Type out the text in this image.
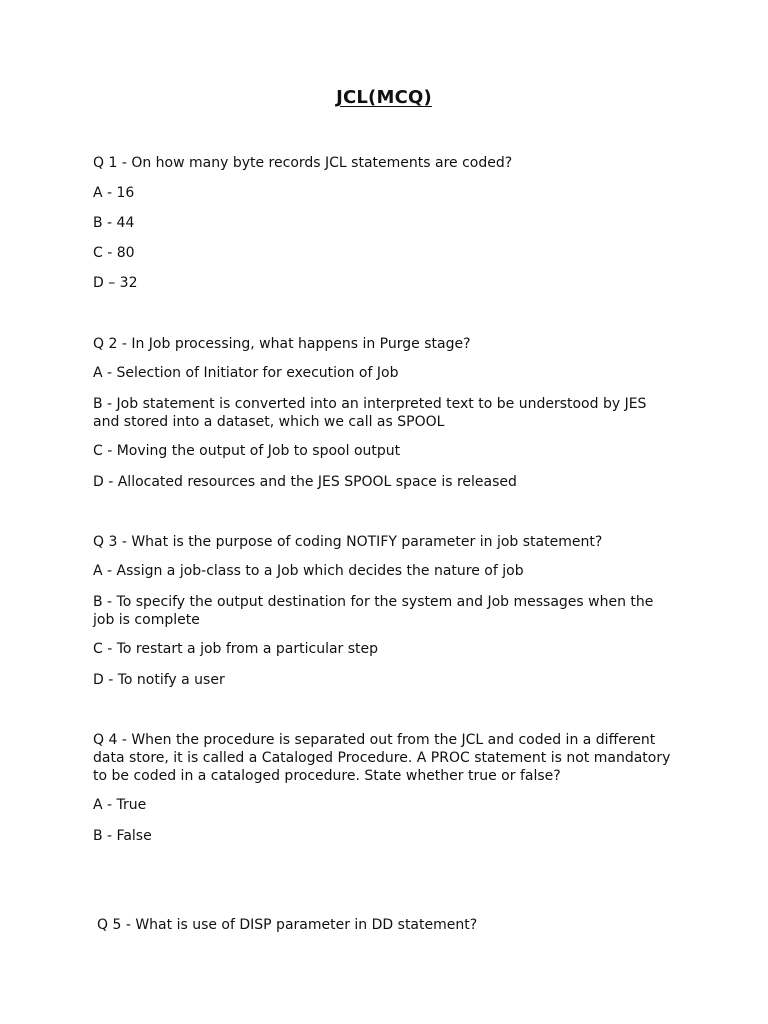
JCL(MCQ)
Q 1 - On how many byte records JCL statements are coded?
A - 16
B - 44
C - 80
D – 32
Q 2 - In Job processing, what happens in Purge stage?
A - Selection of Initiator for execution of Job
B - Job statement is converted into an interpreted text to be understood by JES and stored into a dataset, which we call as SPOOL
C - Moving the output of Job to spool output
D - Allocated resources and the JES SPOOL space is released
Q 3 - What is the purpose of coding NOTIFY parameter in job statement?
A - Assign a job-class to a Job which decides the nature of job
B - To specify the output destination for the system and Job messages when the job is complete
C - To restart a job from a particular step
D - To notify a user
Q 4 - When the procedure is separated out from the JCL and coded in a different data store, it is called a Cataloged Procedure. A PROC statement is not mandatory to be coded in a cataloged procedure. State whether true or false?
A - True
B - False
Q 5 - What is use of DISP parameter in DD statement?
